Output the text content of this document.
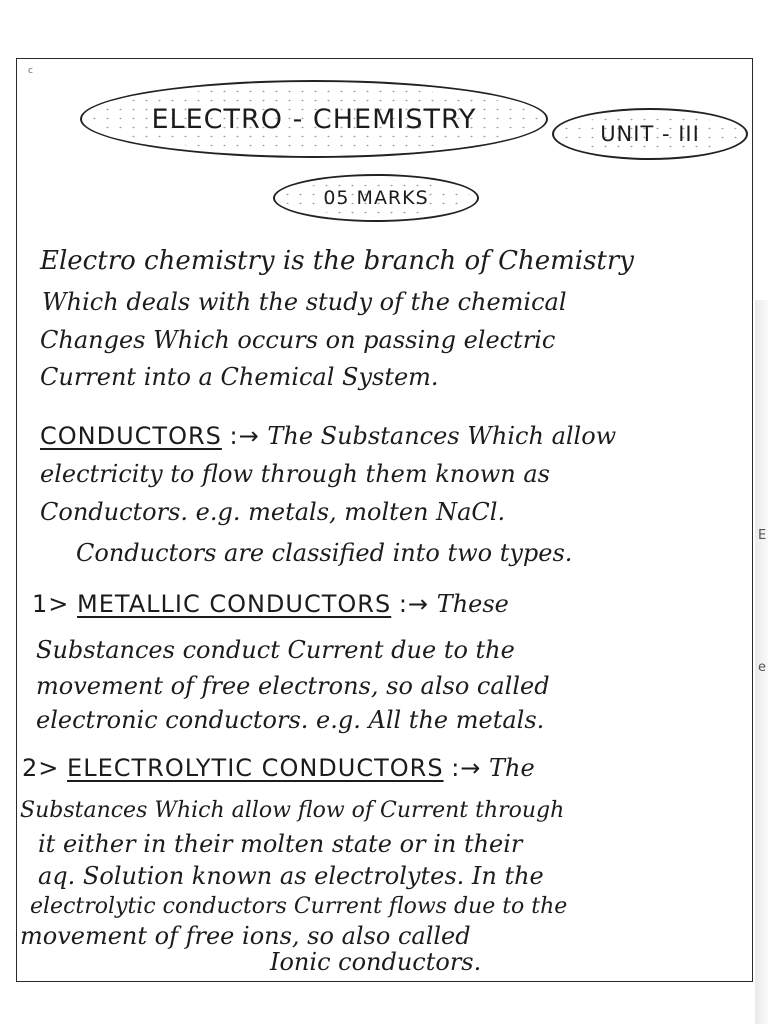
c
E
e
ELECTRO - CHEMISTRY	UNIT - III
05 MARKS
Electro chemistry is the branch of Chemistry
Which deals with the study of the chemical
Changes Which occurs on passing electric
Current into a Chemical System.
CONDUCTORS :→ The Substances Which allow
electricity to flow through them known as
Conductors. e.g. metals, molten NaCl.
Conductors are classified into two types.
1> METALLIC CONDUCTORS :→ These
Substances conduct Current due to the
movement of free electrons, so also called
electronic conductors. e.g. All the metals.
2> ELECTROLYTIC CONDUCTORS :→ The
Substances Which allow flow of Current through
it either in their molten state or in their
aq. Solution known as electrolytes. In the
electrolytic conductors Current flows due to the
movement of free ions, so also called
Ionic conductors.
